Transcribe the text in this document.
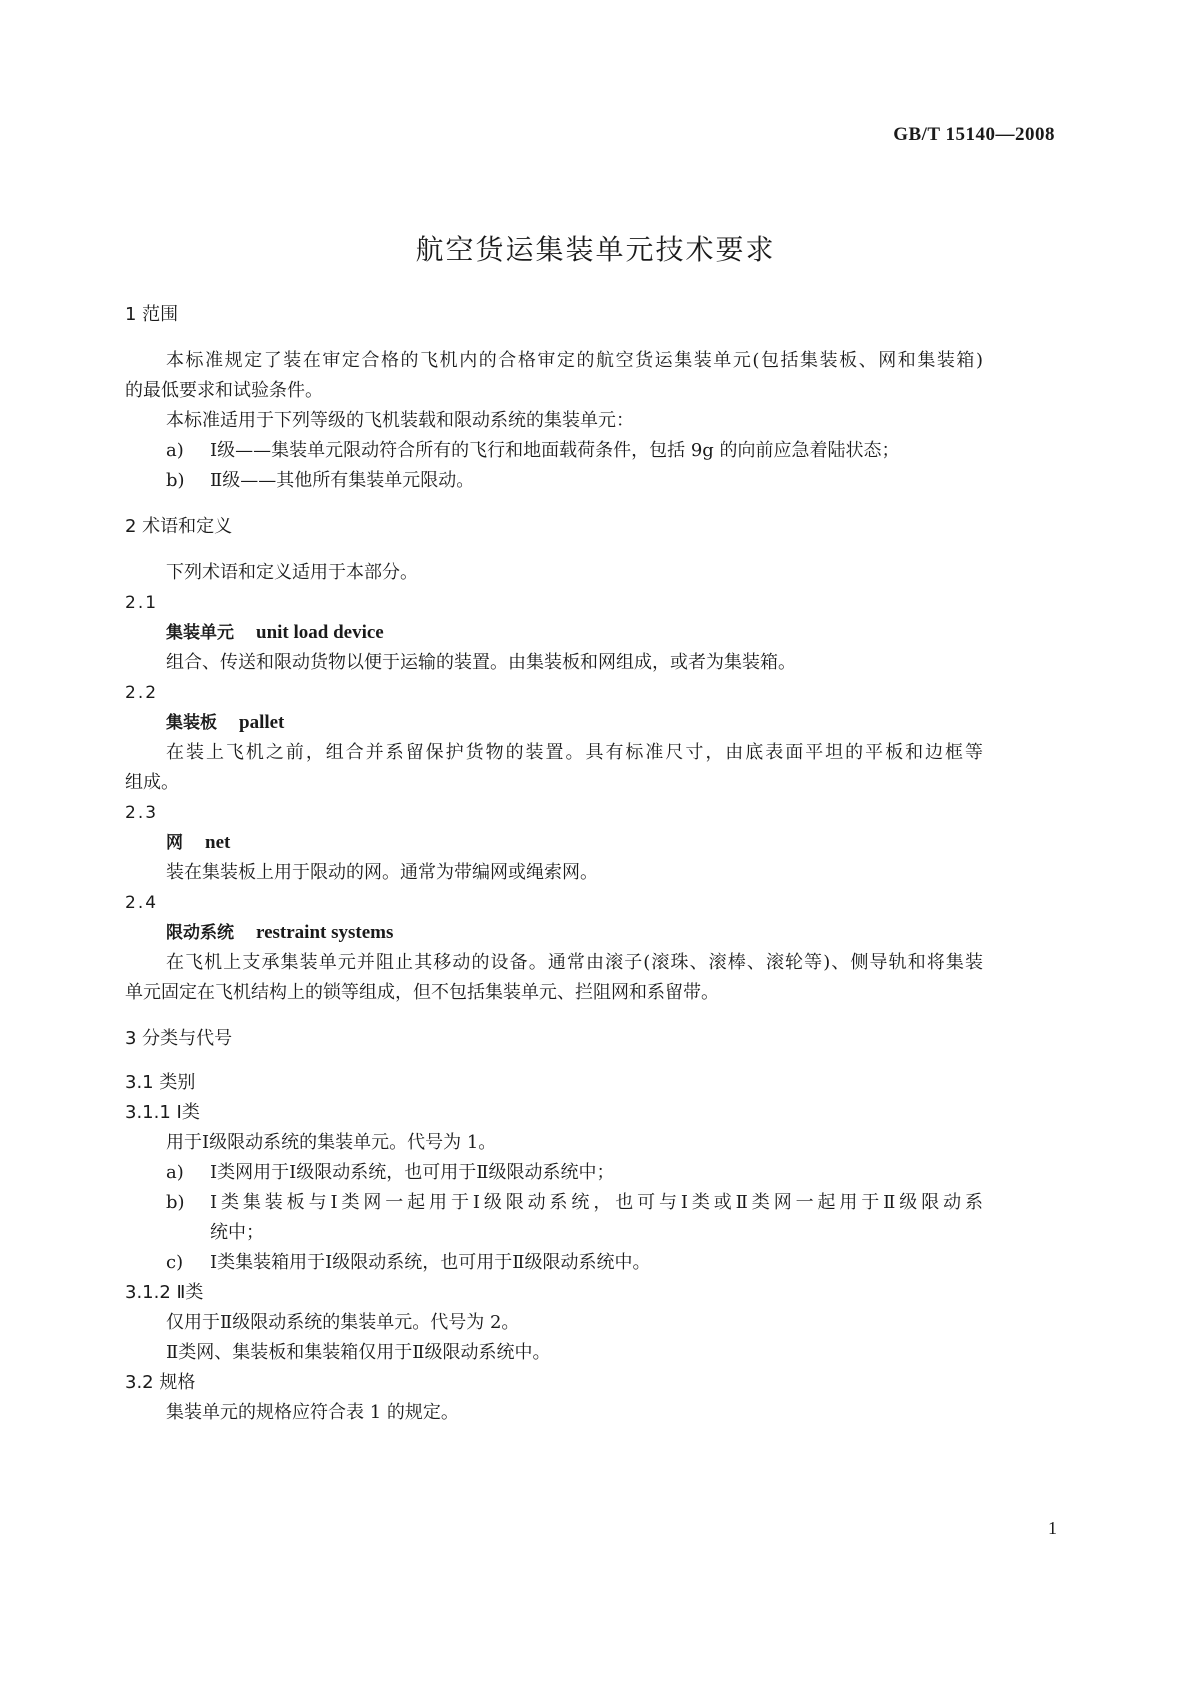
GB/T 15140—2008
航空货运集装单元技术要求
1 范围
本标准规定了装在审定合格的飞机内的合格审定的航空货运集装单元(包括集装板、网和集装箱)
的最低要求和试验条件。
本标准适用于下列等级的飞机装载和限动系统的集装单元：
a) Ⅰ级——集装单元限动符合所有的飞行和地面载荷条件，包括 9g 的向前应急着陆状态；
b) Ⅱ级——其他所有集装单元限动。
2 术语和定义
下列术语和定义适用于本部分。
2.1
集装单元 unit load device
组合、传送和限动货物以便于运输的装置。由集装板和网组成，或者为集装箱。
2.2
集装板 pallet
在装上飞机之前，组合并系留保护货物的装置。具有标准尺寸，由底表面平坦的平板和边框等
组成。
2.3
网 net
装在集装板上用于限动的网。通常为带编网或绳索网。
2.4
限动系统 restraint systems
在飞机上支承集装单元并阻止其移动的设备。通常由滚子(滚珠、滚棒、滚轮等)、侧导轨和将集装
单元固定在飞机结构上的锁等组成，但不包括集装单元、拦阻网和系留带。
3 分类与代号
3.1 类别
3.1.1 Ⅰ类
用于Ⅰ级限动系统的集装单元。代号为 1。
a) Ⅰ类网用于Ⅰ级限动系统，也可用于Ⅱ级限动系统中；
b)	Ⅰ类集装板与Ⅰ类网一起用于Ⅰ级限动系统，也可与Ⅰ类或Ⅱ类网一起用于Ⅱ级限动系
统中；
c) Ⅰ类集装箱用于Ⅰ级限动系统，也可用于Ⅱ级限动系统中。
3.1.2 Ⅱ类
仅用于Ⅱ级限动系统的集装单元。代号为 2。
Ⅱ类网、集装板和集装箱仅用于Ⅱ级限动系统中。
3.2 规格
集装单元的规格应符合表 1 的规定。
1
